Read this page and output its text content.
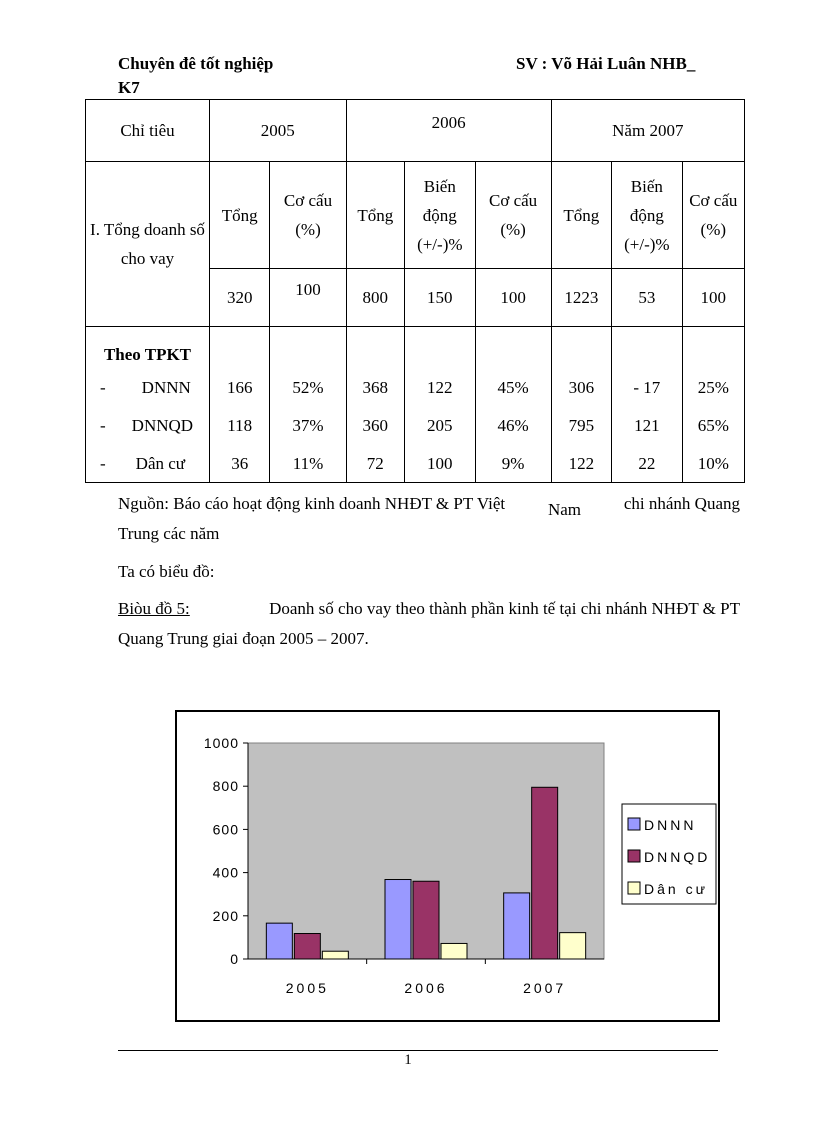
Chuyên đê tốt nghiệp
K7
SV : Võ Hải Luân NHB_
Chỉ tiêu	2005		2006			Năm 2007		
I. Tổng doanh số cho vay	Tổng	Cơ cấu (%)	Tổng	Biến động (+/-)%	Cơ cấu (%)	Tổng	Biến động (+/-)%	Cơ cấu (%)
	320	100	800	150	100	1223	53	100
Theo TPKT								
- DNNN	166	52%	368	122	45%	306	- 17	25%
- DNNQD	118	37%	360	205	46%	795	121	65%
- Dân cư	36	11%	72	100	9%	122	22	10%
Nguồn: Báo cáo hoạt động kinh doanh NHĐT & PT Việt	Nam	chi nhánh Quang
Trung các năm
Ta có biểu đồ:
Biòu đồ 5:	Doanh số cho vay theo thành phần kinh tế tại chi nhánh NHĐT & PT
Quang Trung giai đoạn 2005 – 2007.
0
200
400
600
800
1000
2005	2006	2007
DNNN
DNNQD
Dân cư
1
